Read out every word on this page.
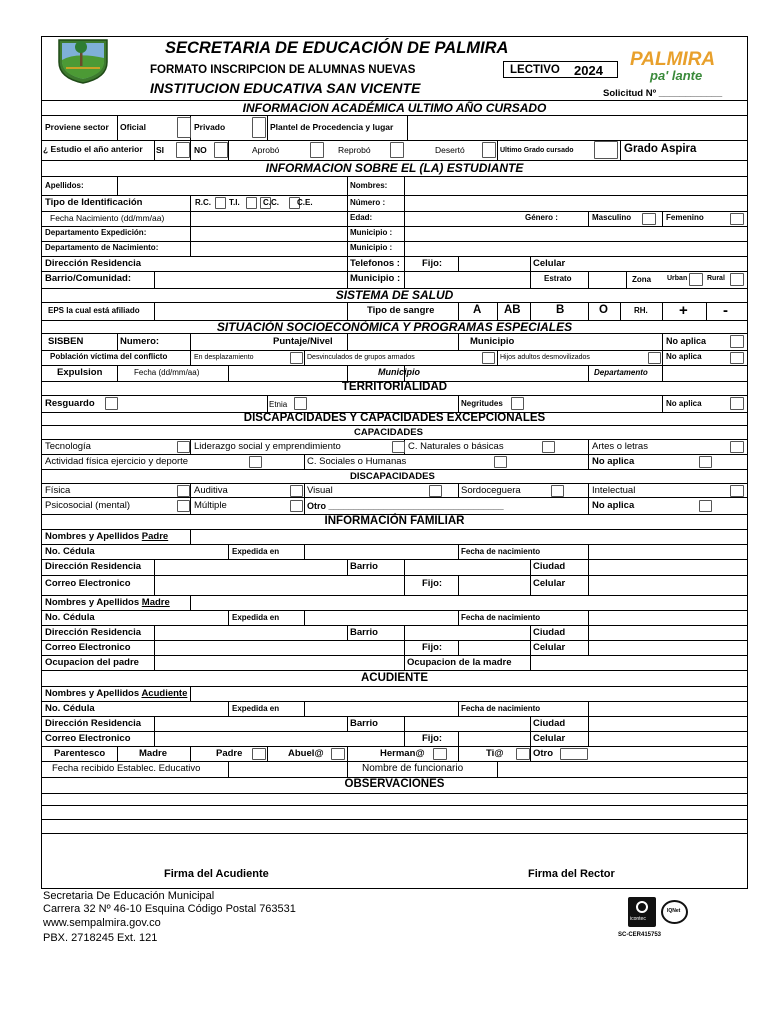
PALMIRA
pa' lante
SECRETARIA DE EDUCACIÓN DE PALMIRA
FORMATO INSCRIPCION DE ALUMNAS NUEVAS	LECTIVO 2024
INSTITUCION EDUCATIVA SAN VICENTE	Solicitud Nº ____________
Proviene sector Oficial	Privado	Plantel de Procedencia y lugar
¿ Estudio el año anterior SI	NO	Aprobó	Reprobó	Desertó	Ultimo Grado cursado	Grado Aspira
INFORMACION ACADÉMICA ULTIMO AÑO CURSADO
INFORMACION SOBRE EL (LA) ESTUDIANTE
Apellidos:	Nombres:
Tipo de Identificación	R.C. T.I.	C.C. C.E.	Número :
Fecha Nacimiento (dd/mm/aa)	Edad:	Género :	Masculino	Femenino
Departamento Expedición:	Municipio :
Departamento de Nacimiento:	Municipio :
Dirección Residencia	Telefonos : Fijo:	Celular
Barrio/Comunidad:	Municipio :	Estrato	Zona Urban	Rural
SISTEMA DE SALUD
EPS la cual está afiliado	Tipo de sangre	A AB	B	O	RH. + -
SITUACIÓN SOCIOECONÓMICA Y PROGRAMAS ESPECIALES
SISBEN	Numero:	Puntaje/Nivel	Municipio	No aplica
Población víctima del conflicto	En desplazamiento	Desvinculados de grupos armados	Hijos adultos desmovilizados	No aplica
Expulsion	Fecha (dd/mm/aa)	Municipio	Departamento
TERRITORIALIDAD
Resguardo	Etnia	Negritudes	No aplica
DISCAPACIDADES Y CAPACIDADES EXCEPCIONALES
CAPACIDADES
Tecnología	Liderazgo social y emprendimiento	C. Naturales o básicas	Artes o letras
Actividad física ejercicio y deporte	C. Sociales o Humanas	No aplica
DISCAPACIDADES
Física	Auditiva	Visual	Sordoceguera	Intelectual
Psicosocial (mental)	Múltiple	Otro ___________________________________	No aplica
INFORMACIÓN FAMILIAR
Nombres y Apellidos Padre
No. Cédula	Expedida en	Fecha de nacimiento
Dirección Residencia	Barrio	Ciudad
Correo Electronico	Fijo:	Celular
Nombres y Apellidos Madre
No. Cédula	Expedida en	Fecha de nacimiento
Dirección Residencia	Barrio	Ciudad
Correo Electronico	Fijo:	Celular
Ocupacion del padre	Ocupacion de la madre
ACUDIENTE
Nombres y Apellidos Acudiente
No. Cédula	Expedida en	Fecha de nacimiento
Dirección Residencia	Barrio	Ciudad
Correo Electronico	Fijo:	Celular
Parentesco	Madre	Padre	Abuel@	Herman@	Ti@	Otro
Fecha recibido Establec. Educativo	Nombre de funcionario
OBSERVACIONES
Firma del Acudiente	Firma del Rector
Secretaria De Educación Municipal
Carrera 32 Nº 46-10 Esquina Código Postal 763531
www.sempalmira.gov.co
PBX. 2718245 Ext. 121
icontec
IQNet
SC-CER415753
